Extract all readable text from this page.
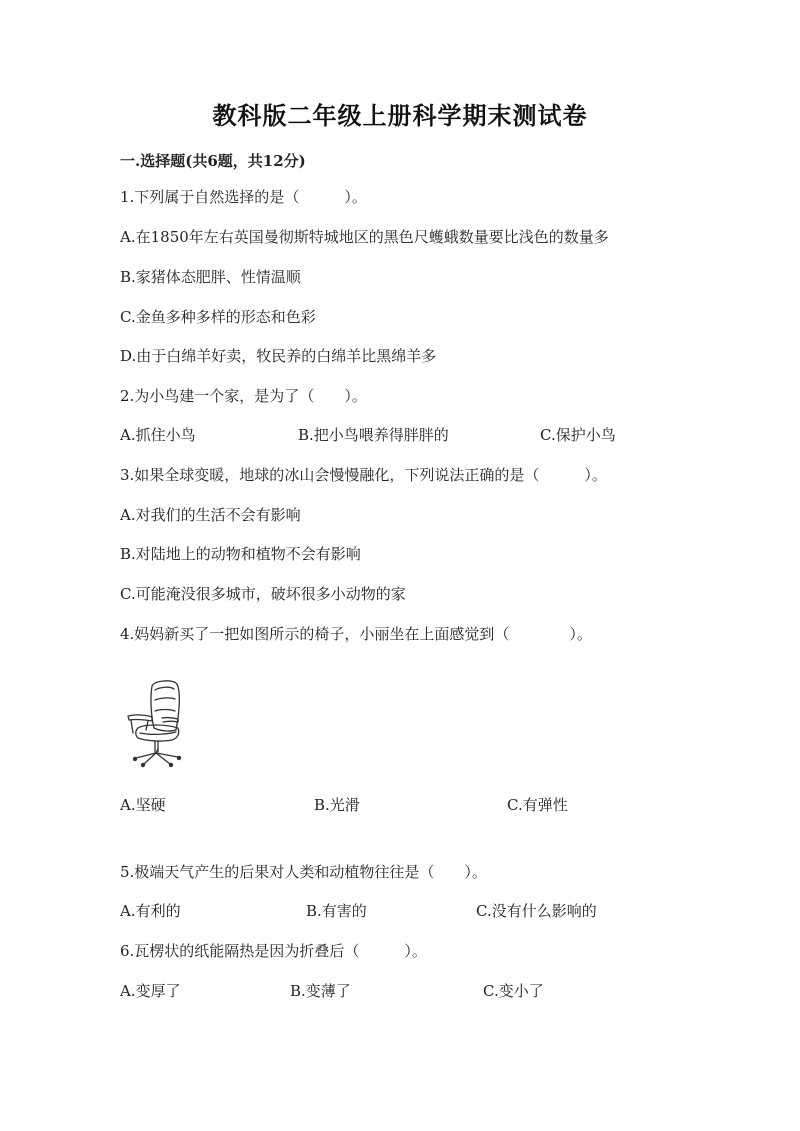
教科版二年级上册科学期末测试卷
一.选择题(共6题，共12分)
1.下列属于自然选择的是（　　　）。
A.在1850年左右英国曼彻斯特城地区的黑色尺蠖蛾数量要比浅色的数量多
B.家猪体态肥胖、性情温顺
C.金鱼多种多样的形态和色彩
D.由于白绵羊好卖，牧民养的白绵羊比黑绵羊多
2.为小鸟建一个家，是为了（　　）。
A.抓住小鸟	B.把小鸟喂养得胖胖的	C.保护小鸟
3.如果全球变暖，地球的冰山会慢慢融化，下列说法正确的是（　　　）。
A.对我们的生活不会有影响
B.对陆地上的动物和植物不会有影响
C.可能淹没很多城市，破坏很多小动物的家
4.妈妈新买了一把如图所示的椅子，小丽坐在上面感觉到（　　　　）。
A.坚硬	B.光滑	C.有弹性
5.极端天气产生的后果对人类和动植物往往是（　　）。
A.有利的	B.有害的	C.没有什么影响的
6.瓦楞状的纸能隔热是因为折叠后（　　　）。
A.变厚了	B.变薄了	C.变小了
